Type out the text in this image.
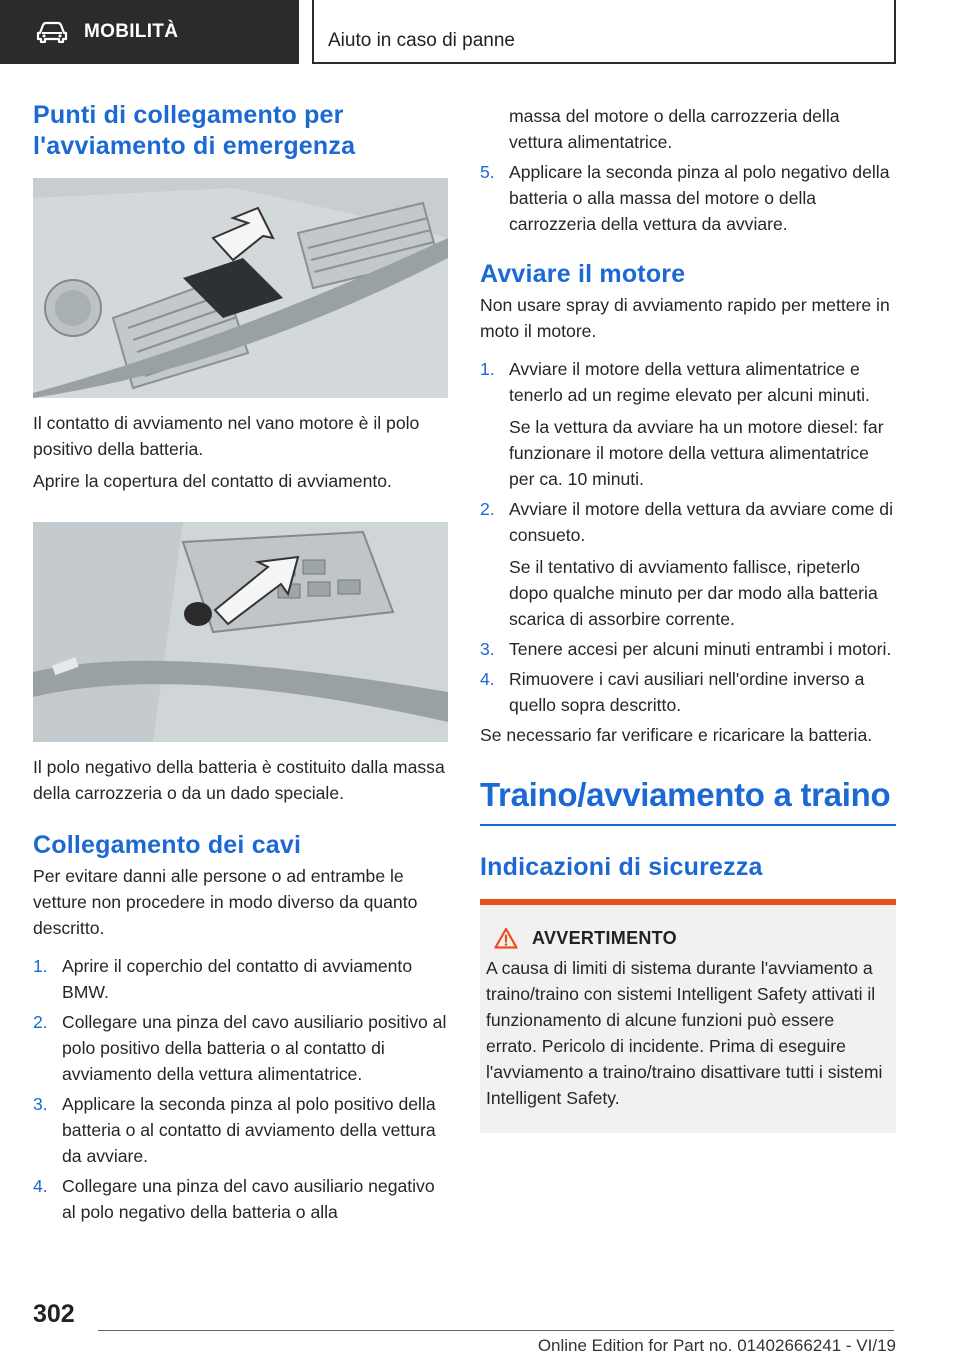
MOBILITÀ	Aiuto in caso di panne
Punti di collegamento per l'avviamento di emergenza

Il contatto di avviamento nel vano motore è il polo positivo della batteria.

Aprire la copertura del contatto di avviamento.

Il polo negativo della batteria è costituito dalla massa della carrozzeria o da un dado speciale.

Collegamento dei cavi

Per evitare danni alle persone o ad entrambe le vetture non procedere in modo diverso da quanto descritto.

1. Aprire il coperchio del contatto di avviamento BMW.
2. Collegare una pinza del cavo ausiliario positivo al polo positivo della batteria o al contatto di avviamento della vettura alimentatrice.
3. Applicare la seconda pinza al polo positivo della batteria o al contatto di avviamento della vettura da avviare.
4. Collegare una pinza del cavo ausiliario negativo al polo negativo della batteria o alla
massa del motore o della carrozzeria della vettura alimentatrice.
5. Applicare la seconda pinza al polo negativo della batteria o alla massa del motore o della carrozzeria della vettura da avviare.
Avviare il motore

Non usare spray di avviamento rapido per mettere in moto il motore.

1. Avviare il motore della vettura alimentatrice e tenerlo ad un regime elevato per alcuni minuti.
Se la vettura da avviare ha un motore diesel: far funzionare il motore della vettura alimentatrice per ca. 10 minuti.
2. Avviare il motore della vettura da avviare come di consueto.
Se il tentativo di avviamento fallisce, ripeterlo dopo qualche minuto per dar modo alla batteria scarica di assorbire corrente.
3. Tenere accesi per alcuni minuti entrambi i motori.
4. Rimuovere i cavi ausiliari nell'ordine inverso a quello sopra descritto.

Se necessario far verificare e ricaricare la batteria.

Traino/avviamento a traino
Indicazioni di sicurezza
AVVERTIMENTO

A causa di limiti di sistema durante l'avviamento a traino/traino con sistemi Intelligent Safety attivati il funzionamento di alcune funzioni può essere errato. Pericolo di incidente. Prima di eseguire l'avviamento a traino/traino disattivare tutti i sistemi Intelligent Safety.

302
Online Edition for Part no. 01402666241 - VI/19
